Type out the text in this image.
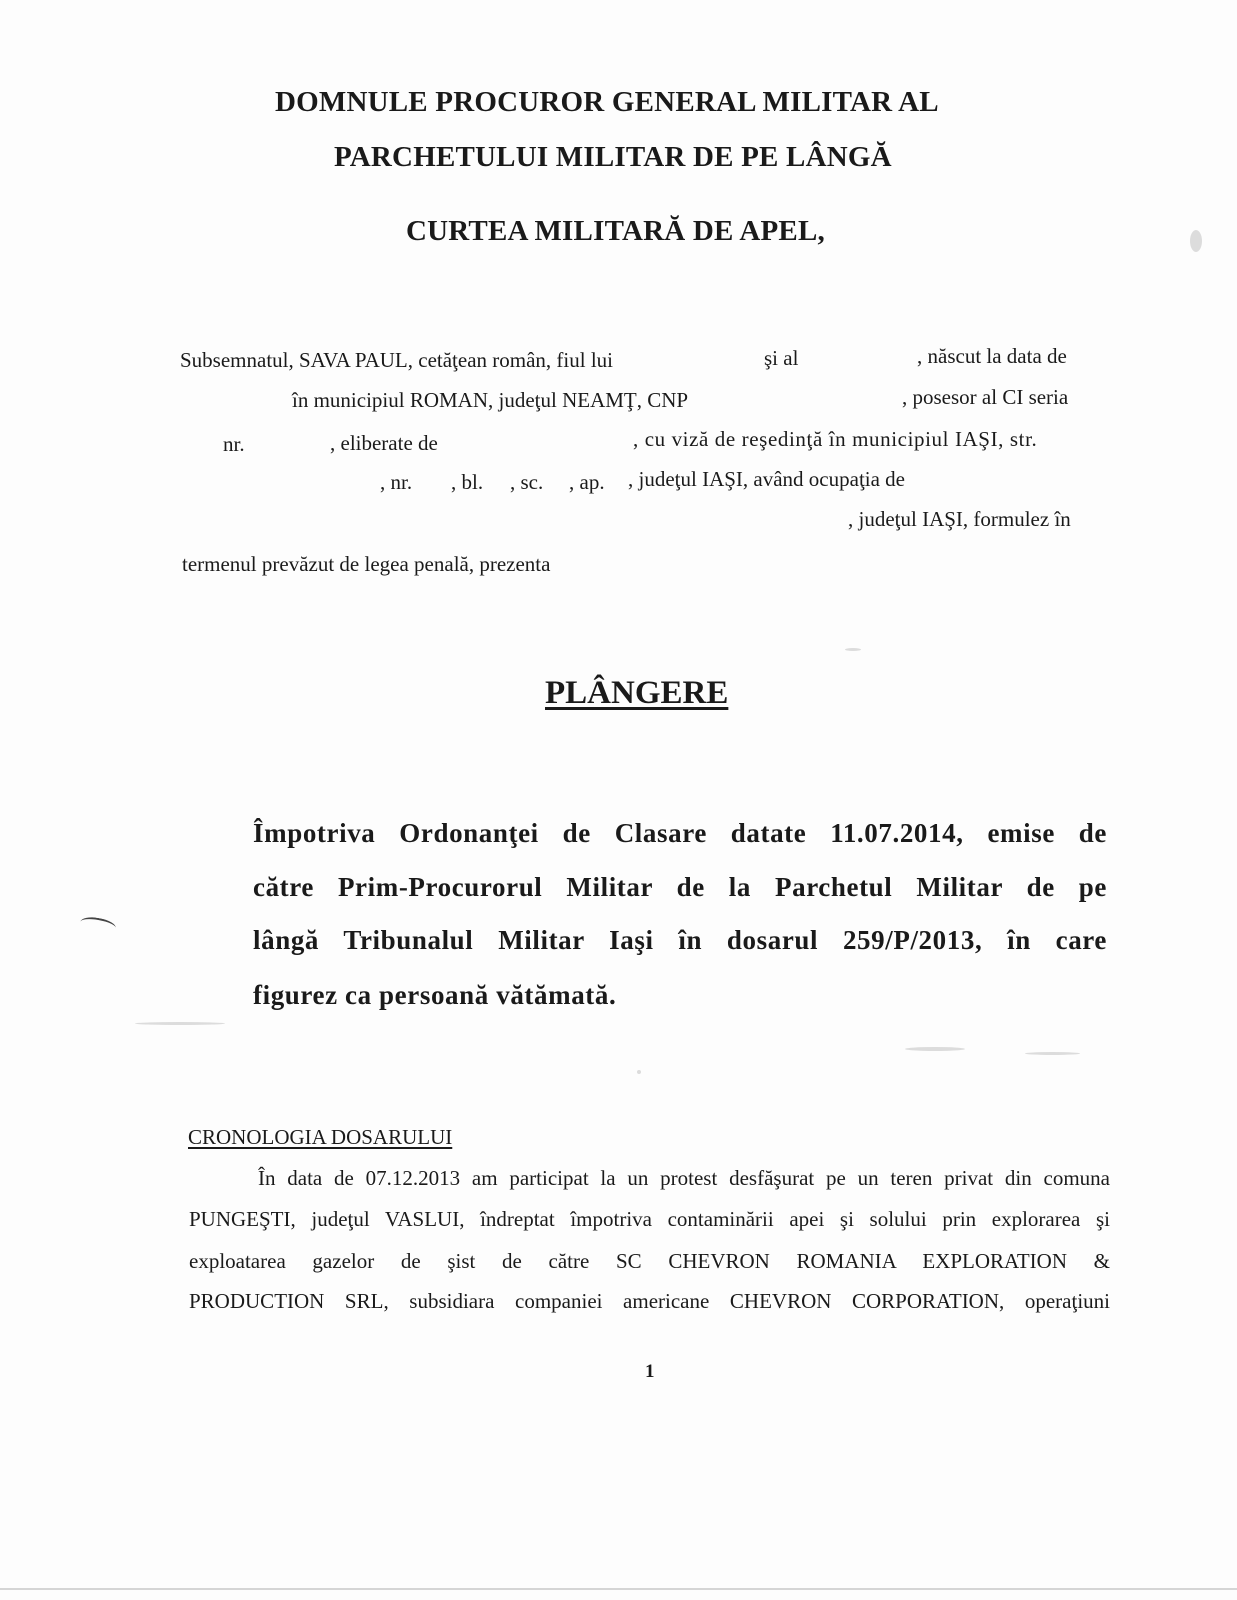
DOMNULE PROCUROR GENERAL MILITAR AL
PARCHETULUI MILITAR DE PE LÂNGĂ
CURTEA MILITARĂ DE APEL,
Subsemnatul, SAVA PAUL, cetăţean român, fiul lui	şi al	, născut la data de
în municipiul ROMAN, judeţul NEAMŢ, CNP	, posesor al CI seria
nr.	, eliberate de	, cu viză de reşedinţă în municipiul IAŞI, str.
, nr. , bl. , sc. , ap. , judeţul IAŞI, având ocupaţia de
, judeţul IAŞI, formulez în
termenul prevăzut de legea penală, prezenta
PLÂNGERE
Împotriva Ordonanţei de Clasare datate 11.07.2014, emise de
către Prim-Procurorul Militar de la Parchetul Militar de pe
lângă Tribunalul Militar Iaşi în dosarul 259/P/2013, în care
figurez ca persoană vătămată.
CRONOLOGIA DOSARULUI
În data de 07.12.2013 am participat la un protest desfăşurat pe un teren privat din comuna
PUNGEŞTI, judeţul VASLUI, îndreptat împotriva contaminării apei şi solului prin explorarea şi
exploatarea gazelor de şist de către SC CHEVRON ROMANIA EXPLORATION &
PRODUCTION SRL, subsidiara companiei americane CHEVRON CORPORATION, operaţiuni
1
